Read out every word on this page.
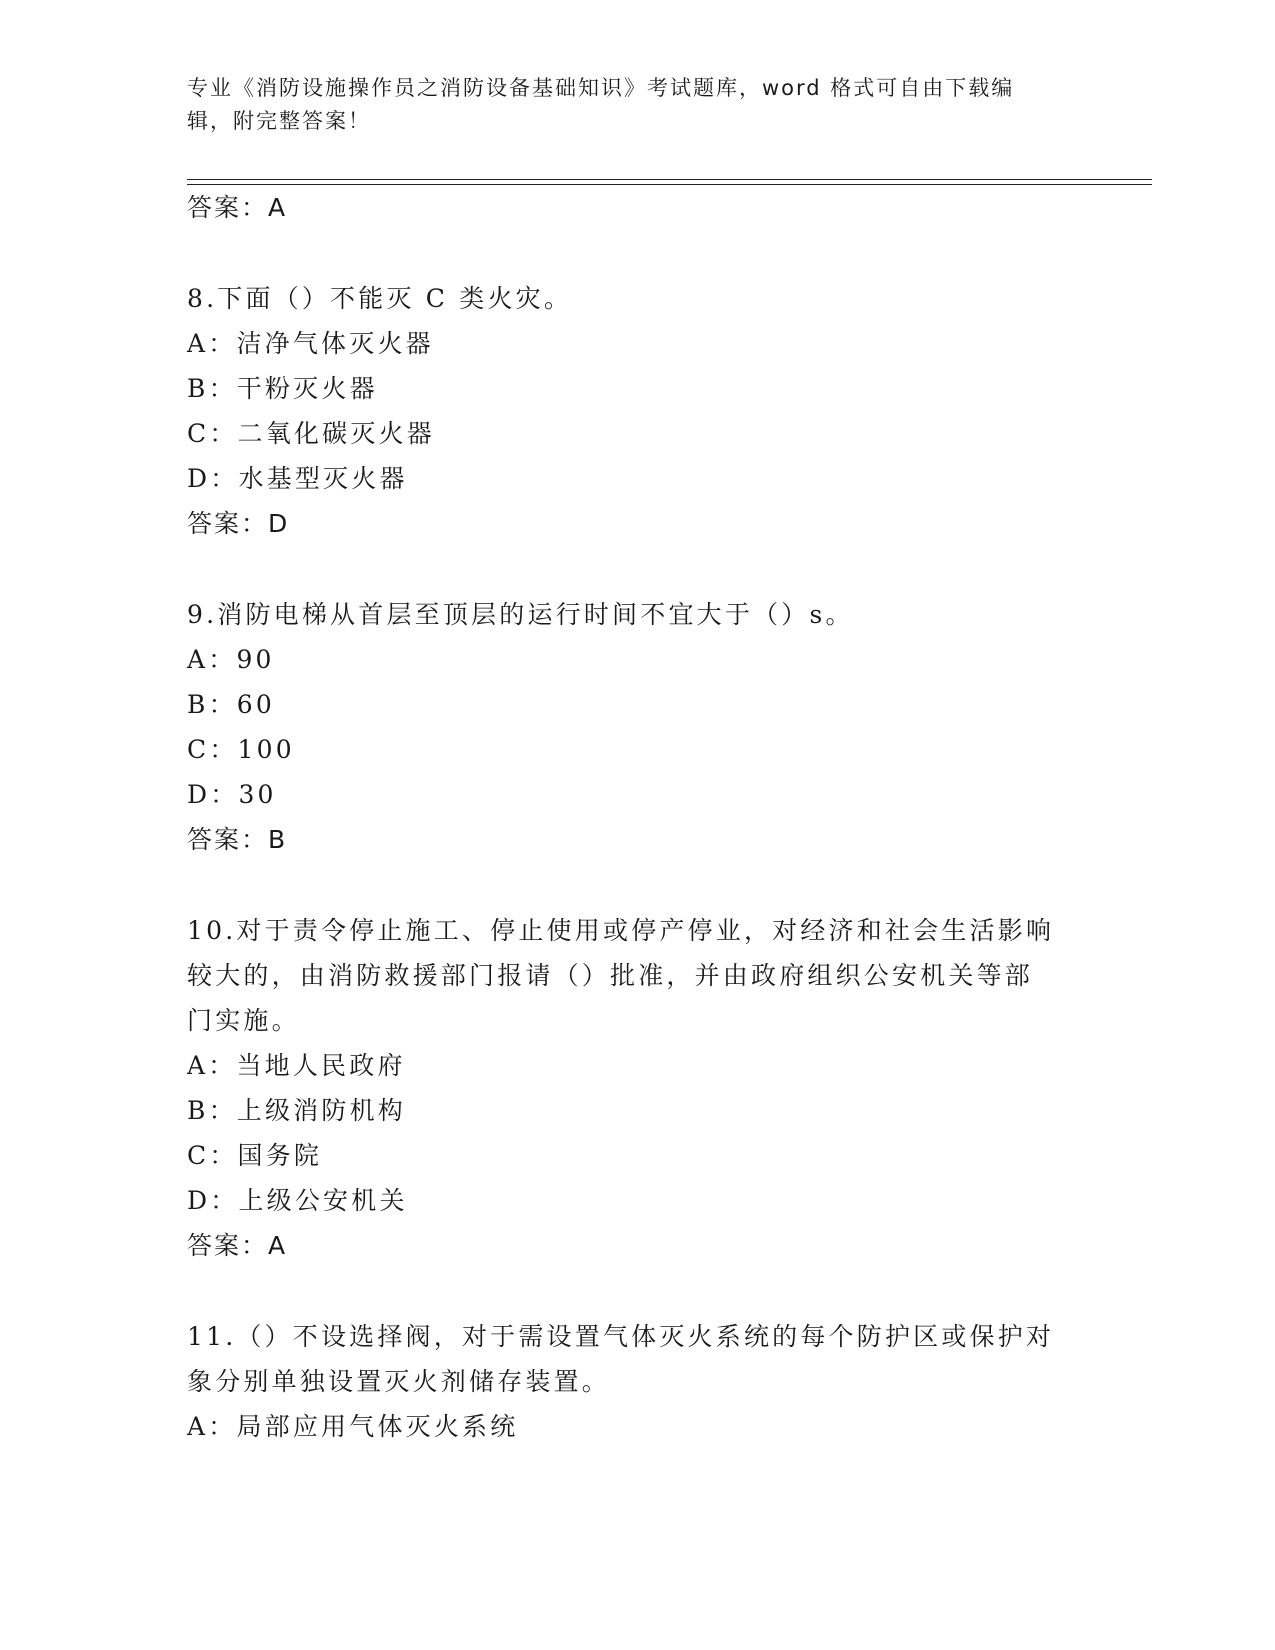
专业《消防设施操作员之消防设备基础知识》考试题库，word 格式可自由下载编
辑，附完整答案！
答案：A
8.下面（）不能灭 C 类火灾。
A：洁净气体灭火器
B：干粉灭火器
C：二氧化碳灭火器
D：水基型灭火器
答案：D
9.消防电梯从首层至顶层的运行时间不宜大于（）s。
A：90
B：60
C：100
D：30
答案：B
10.对于责令停止施工、停止使用或停产停业，对经济和社会生活影响
较大的，由消防救援部门报请（）批准，并由政府组织公安机关等部
门实施。
A：当地人民政府
B：上级消防机构
C：国务院
D：上级公安机关
答案：A
11.（）不设选择阀，对于需设置气体灭火系统的每个防护区或保护对
象分别单独设置灭火剂储存装置。
A：局部应用气体灭火系统
